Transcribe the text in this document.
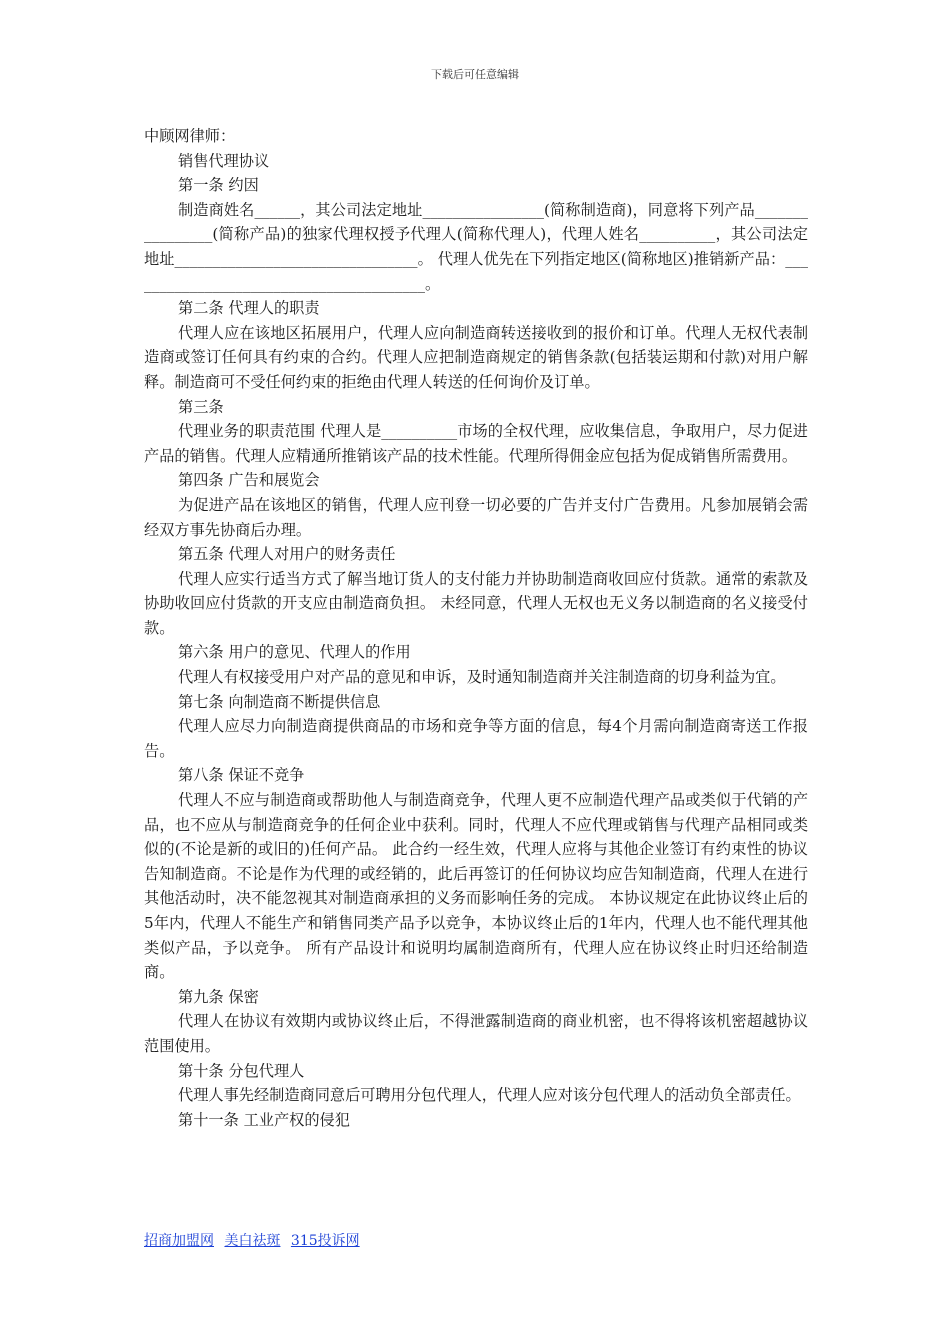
下载后可任意编辑

中顾网律师：

销售代理协议

第一条 约因

制造商姓名______，其公司法定地址________________(简称制造商)，同意将下列产品________________(简称产品)的独家代理权授予代理人(简称代理人)，代理人姓名__________，其公司法定地址________________________________。 代理人优先在下列指定地区(简称地区)推销新产品：________________________________________。

第二条 代理人的职责

代理人应在该地区拓展用户，代理人应向制造商转送接收到的报价和订单。代理人无权代表制造商或签订任何具有约束的合约。代理人应把制造商规定的销售条款(包括装运期和付款)对用户解释。制造商可不受任何约束的拒绝由代理人转送的任何询价及订单。

第三条

代理业务的职责范围 代理人是__________市场的全权代理，应收集信息，争取用户，尽力促进产品的销售。代理人应精通所推销该产品的技术性能。代理所得佣金应包括为促成销售所需费用。

第四条 广告和展览会

为促进产品在该地区的销售，代理人应刊登一切必要的广告并支付广告费用。凡参加展销会需经双方事先协商后办理。

第五条 代理人对用户的财务责任

代理人应实行适当方式了解当地订货人的支付能力并协助制造商收回应付货款。通常的索款及协助收回应付货款的开支应由制造商负担。 未经同意，代理人无权也无义务以制造商的名义接受付款。

第六条 用户的意见、代理人的作用

代理人有权接受用户对产品的意见和申诉，及时通知制造商并关注制造商的切身利益为宜。

第七条 向制造商不断提供信息

代理人应尽力向制造商提供商品的市场和竞争等方面的信息，每4个月需向制造商寄送工作报告。

第八条 保证不竞争

代理人不应与制造商或帮助他人与制造商竞争，代理人更不应制造代理产品或类似于代销的产品，也不应从与制造商竞争的任何企业中获利。同时，代理人不应代理或销售与代理产品相同或类似的(不论是新的或旧的)任何产品。 此合约一经生效，代理人应将与其他企业签订有约束性的协议告知制造商。不论是作为代理的或经销的，此后再签订的任何协议均应告知制造商，代理人在进行其他活动时，决不能忽视其对制造商承担的义务而影响任务的完成。 本协议规定在此协议终止后的5年内，代理人不能生产和销售同类产品予以竞争，本协议终止后的1年内，代理人也不能代理其他类似产品，予以竞争。 所有产品设计和说明均属制造商所有，代理人应在协议终止时归还给制造商。

第九条 保密

代理人在协议有效期内或协议终止后，不得泄露制造商的商业机密，也不得将该机密超越协议范围使用。

第十条 分包代理人

代理人事先经制造商同意后可聘用分包代理人，代理人应对该分包代理人的活动负全部责任。

第十一条 工业产权的侵犯

招商加盟网 美白祛斑 315投诉网
